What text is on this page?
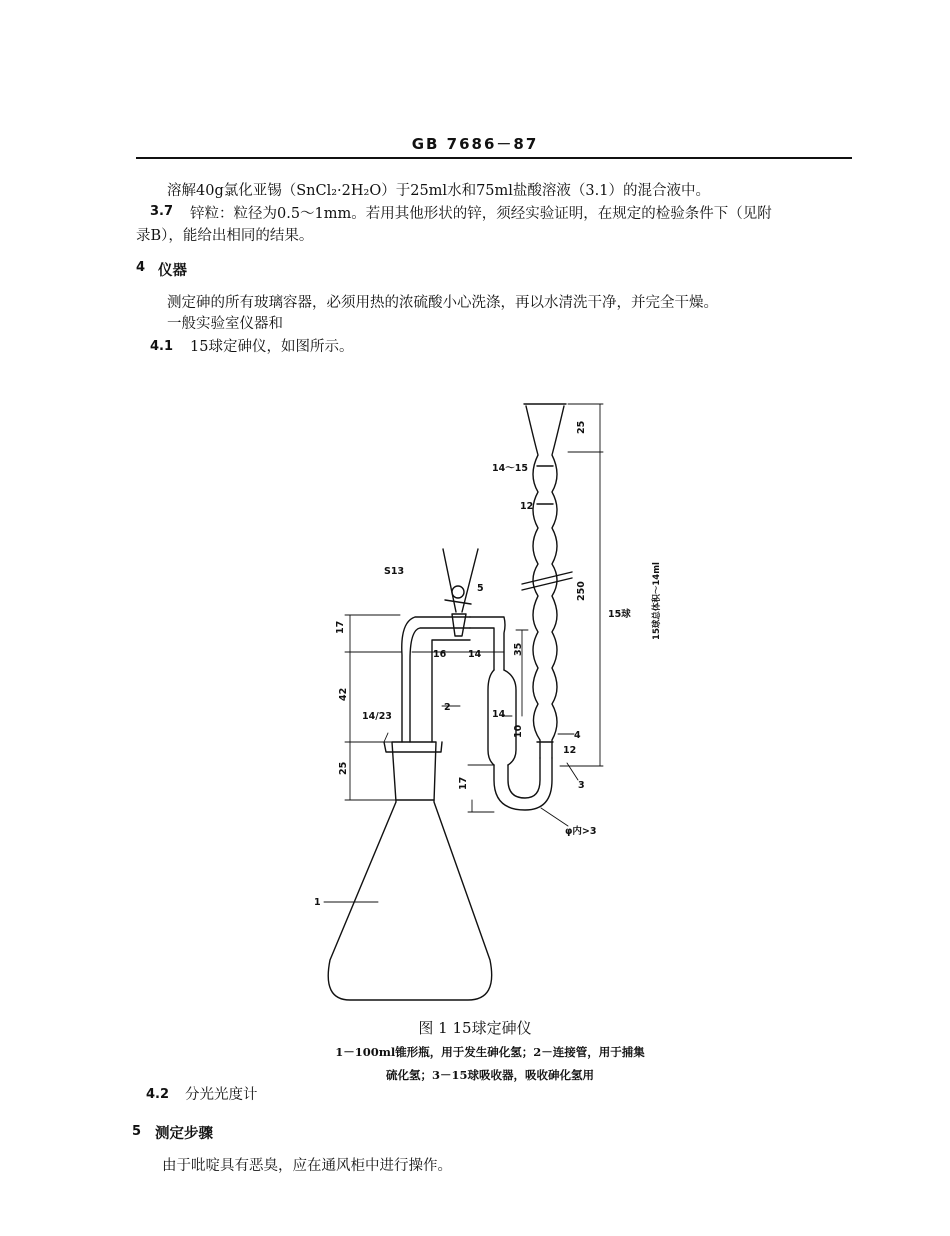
GB 7686－87
溶解40g氯化亚锡（SnCl₂·2H₂O）于25ml水和75ml盐酸溶液（3.1）的混合液中。
3.7 锌粒：粒径为0.5～1mm。若用其他形状的锌，须经实验证明，在规定的检验条件下（见附
录B），能给出相同的结果。
4 仪器
测定砷的所有玻璃容器，必须用热的浓硫酸小心洗涤，再以水清洗干净，并完全干燥。
一般实验室仪器和
4.1 15球定砷仪，如图所示。
S13
5
17
16 14	35
42
2
14/23	14
10	4
12
25
17	3
φ内>3
1
25
14～15
12
250
15球	15球总体积～14ml
图 1 15球定砷仪
1－100ml锥形瓶，用于发生砷化氢；2－连接管，用于捕集
硫化氢；3－15球吸收器，吸收砷化氢用
4.2 分光光度计
5 测定步骤
由于吡啶具有恶臭，应在通风柜中进行操作。
